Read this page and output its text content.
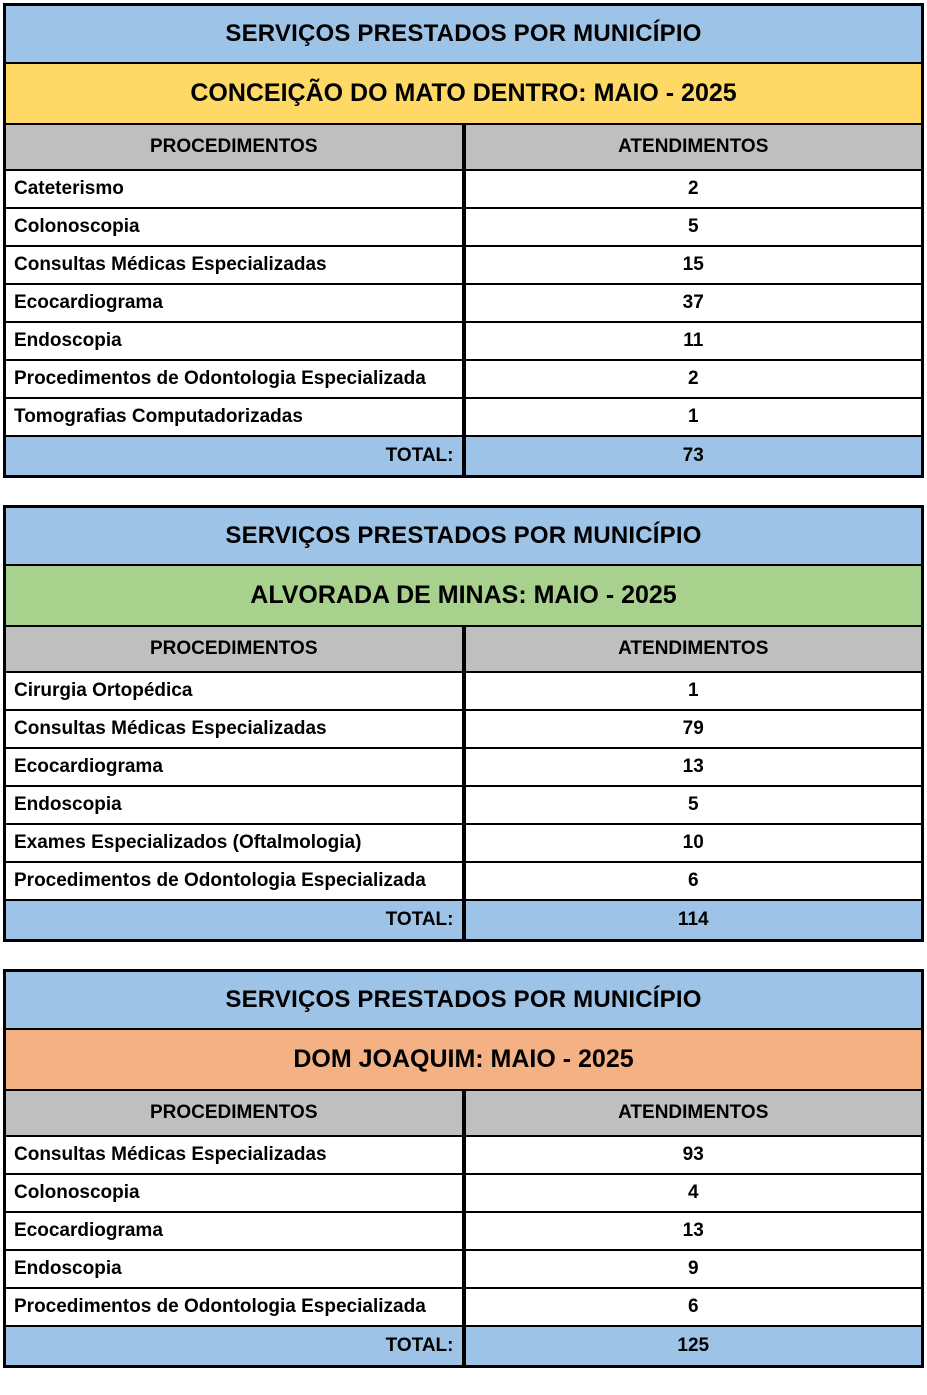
SERVIÇOS PRESTADOS POR MUNICÍPIO	
CONCEIÇÃO DO MATO DENTRO: MAIO - 2025	
PROCEDIMENTOS	ATENDIMENTOS
Cateterismo	2
Colonoscopia	5
Consultas Médicas Especializadas	15
Ecocardiograma	37
Endoscopia	11
Procedimentos de Odontologia Especializada	2
Tomografias Computadorizadas	1
TOTAL:	73
SERVIÇOS PRESTADOS POR MUNICÍPIO	
ALVORADA DE MINAS: MAIO - 2025	
PROCEDIMENTOS	ATENDIMENTOS
Cirurgia Ortopédica	1
Consultas Médicas Especializadas	79
Ecocardiograma	13
Endoscopia	5
Exames Especializados (Oftalmologia)	10
Procedimentos de Odontologia Especializada	6
TOTAL:	114
SERVIÇOS PRESTADOS POR MUNICÍPIO	
DOM JOAQUIM: MAIO - 2025	
PROCEDIMENTOS	ATENDIMENTOS
Consultas Médicas Especializadas	93
Colonoscopia	4
Ecocardiograma	13
Endoscopia	9
Procedimentos de Odontologia Especializada	6
TOTAL:	125
